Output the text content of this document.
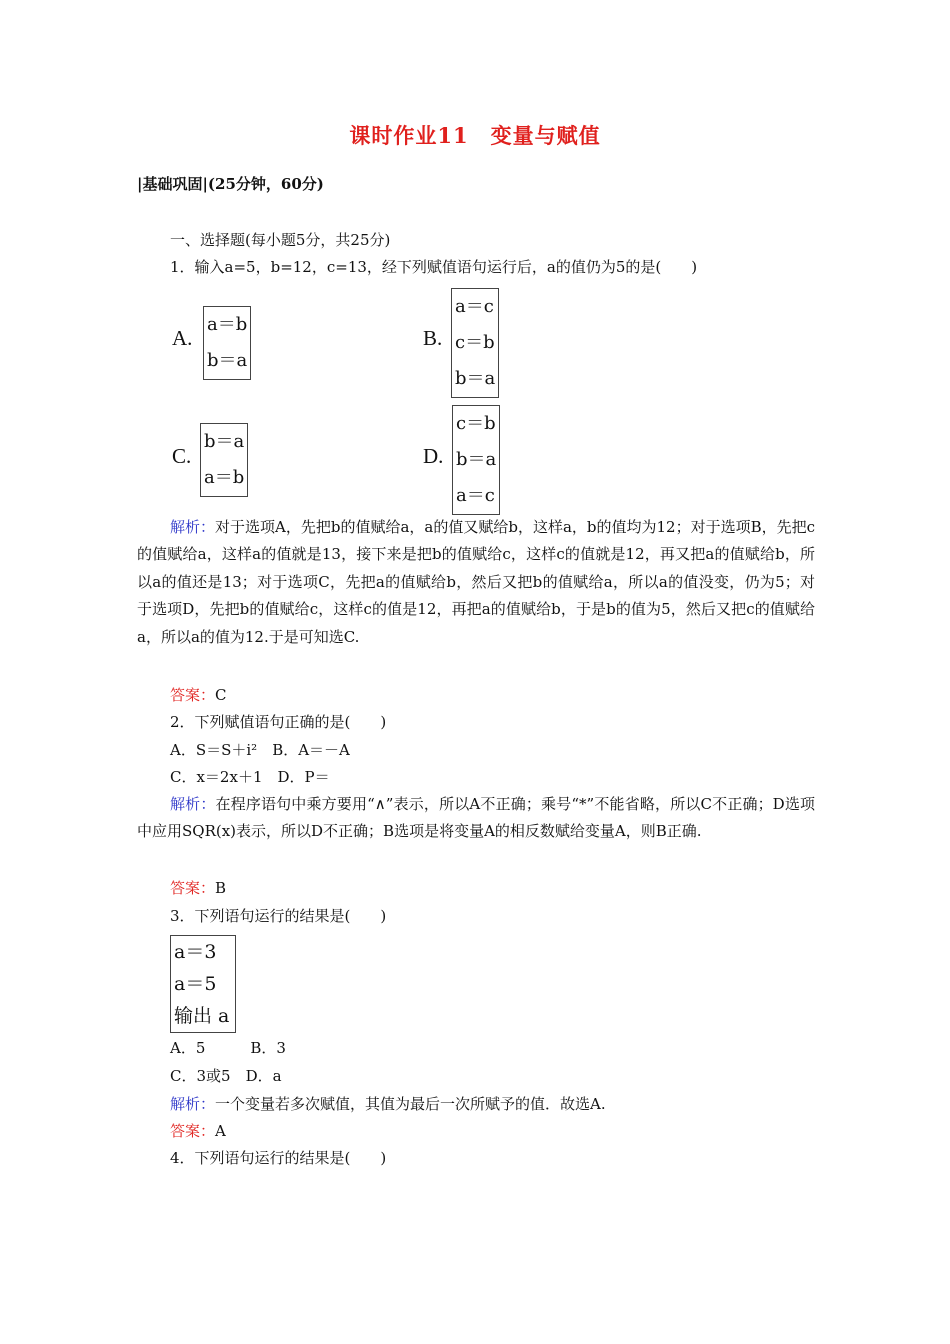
课时作业11　变量与赋值
|基础巩固|(25分钟，60分)
一、选择题(每小题5分，共25分)
1．输入a=5，b=12，c=13，经下列赋值语句运行后，a的值仍为5的是(　　)
A.
a＝b
b＝a
B.
a＝c
c＝b
b＝a
C.
b＝a
a＝b
D.
c＝b
b＝a
a＝c
解析：对于选项A，先把b的值赋给a，a的值又赋给b，这样a，b的值均为12；对于选项B，先把c的值赋给a，这样a的值就是13，接下来是把b的值赋给c，这样c的值就是12，再又把a的值赋给b，所以a的值还是13；对于选项C，先把a的值赋给b，然后又把b的值赋给a，所以a的值没变，仍为5；对于选项D，先把b的值赋给c，这样c的值是12，再把a的值赋给b，于是b的值为5，然后又把c的值赋给a，所以a的值为12.于是可知选C.
答案：C
2．下列赋值语句正确的是(　　)
A．S＝S＋i²　B．A＝－A
C．x＝2x＋1　D．P＝
解析：在程序语句中乘方要用“∧”表示，所以A不正确；乘号“*”不能省略，所以C不正确；D选项中应用SQR(x)表示，所以D不正确；B选项是将变量A的相反数赋给变量A，则B正确.
答案：B
3．下列语句运行的结果是(　　)
a＝3
a＝5
输出 a
A．5　　　B．3
C．3或5　D．a
解析：一个变量若多次赋值，其值为最后一次所赋予的值．故选A.
答案：A
4．下列语句运行的结果是(　　)
